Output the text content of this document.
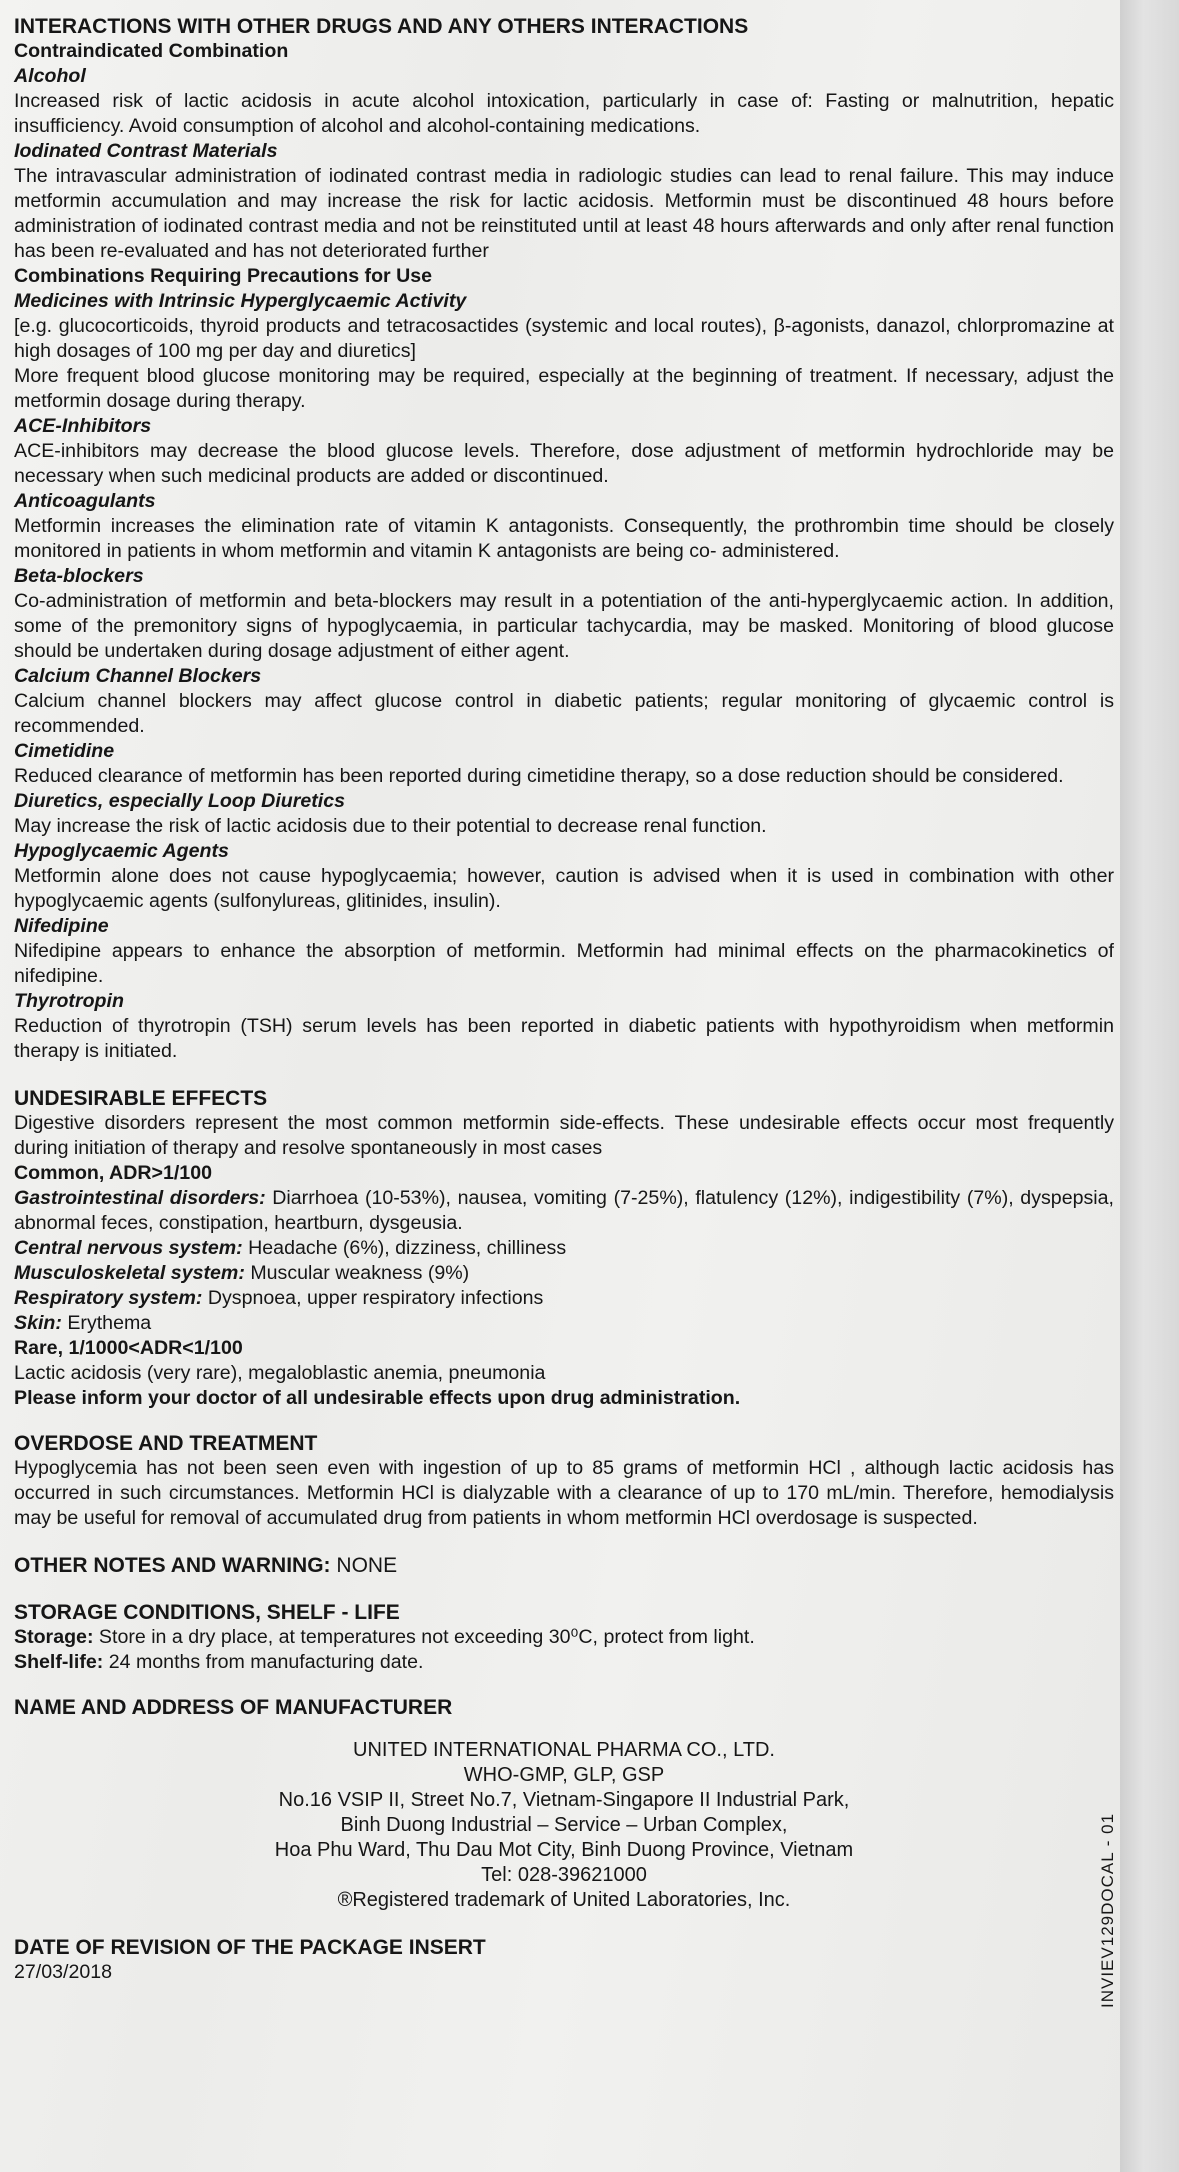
INTERACTIONS WITH OTHER DRUGS AND ANY OTHERS INTERACTIONS

Contraindicated Combination

Alcohol

Increased risk of lactic acidosis in acute alcohol intoxication, particularly in case of: Fasting or malnutrition, hepatic insufficiency. Avoid consumption of alcohol and alcohol-containing medications.

Iodinated Contrast Materials

The intravascular administration of iodinated contrast media in radiologic studies can lead to renal failure. This may induce metformin accumulation and may increase the risk for lactic acidosis. Metformin must be discontinued 48 hours before administration of iodinated contrast media and not be reinstituted until at least 48 hours afterwards and only after renal function has been re-evaluated and has not deteriorated further

Combinations Requiring Precautions for Use

Medicines with Intrinsic Hyperglycaemic Activity

[e.g. glucocorticoids, thyroid products and tetracosactides (systemic and local routes), β-agonists, danazol, chlorpromazine at high dosages of 100 mg per day and diuretics]

More frequent blood glucose monitoring may be required, especially at the beginning of treatment. If necessary, adjust the metformin dosage during therapy.

ACE-Inhibitors

ACE-inhibitors may decrease the blood glucose levels. Therefore, dose adjustment of metformin hydrochloride may be necessary when such medicinal products are added or discontinued.

Anticoagulants

Metformin increases the elimination rate of vitamin K antagonists. Consequently, the prothrombin time should be closely monitored in patients in whom metformin and vitamin K antagonists are being co- administered.

Beta-blockers

Co-administration of metformin and beta-blockers may result in a potentiation of the anti-hyperglycaemic action. In addition, some of the premonitory signs of hypoglycaemia, in particular tachycardia, may be masked. Monitoring of blood glucose should be undertaken during dosage adjustment of either agent.

Calcium Channel Blockers

Calcium channel blockers may affect glucose control in diabetic patients; regular monitoring of glycaemic control is recommended.

Cimetidine

Reduced clearance of metformin has been reported during cimetidine therapy, so a dose reduction should be considered.

Diuretics, especially Loop Diuretics

May increase the risk of lactic acidosis due to their potential to decrease renal function.

Hypoglycaemic Agents

Metformin alone does not cause hypoglycaemia; however, caution is advised when it is used in combination with other hypoglycaemic agents (sulfonylureas, glitinides, insulin).

Nifedipine

Nifedipine appears to enhance the absorption of metformin. Metformin had minimal effects on the pharmacokinetics of nifedipine.

Thyrotropin

Reduction of thyrotropin (TSH) serum levels has been reported in diabetic patients with hypothyroidism when metformin therapy is initiated.

UNDESIRABLE EFFECTS

Digestive disorders represent the most common metformin side-effects. These undesirable effects occur most frequently during initiation of therapy and resolve spontaneously in most cases

Common, ADR>1/100

Gastrointestinal disorders: Diarrhoea (10-53%), nausea, vomiting (7-25%), flatulency (12%), indigestibility (7%), dyspepsia, abnormal feces, constipation, heartburn, dysgeusia.

Central nervous system: Headache (6%), dizziness, chilliness

Musculoskeletal system: Muscular weakness (9%)

Respiratory system: Dyspnoea, upper respiratory infections

Skin: Erythema

Rare, 1/1000<ADR<1/100

Lactic acidosis (very rare), megaloblastic anemia, pneumonia

Please inform your doctor of all undesirable effects upon drug administration.

OVERDOSE AND TREATMENT

Hypoglycemia has not been seen even with ingestion of up to 85 grams of metformin HCl , although lactic acidosis has occurred in such circumstances. Metformin HCl is dialyzable with a clearance of up to 170 mL/min. Therefore, hemodialysis may be useful for removal of accumulated drug from patients in whom metformin HCl overdosage is suspected.

OTHER NOTES AND WARNING: NONE

STORAGE CONDITIONS, SHELF - LIFE

Storage: Store in a dry place, at temperatures not exceeding 30⁰C, protect from light.

Shelf-life: 24 months from manufacturing date.

NAME AND ADDRESS OF MANUFACTURER

UNITED INTERNATIONAL PHARMA CO., LTD.

WHO-GMP, GLP, GSP

No.16 VSIP II, Street No.7, Vietnam-Singapore II Industrial Park,

Binh Duong Industrial – Service – Urban Complex,

Hoa Phu Ward, Thu Dau Mot City, Binh Duong Province, Vietnam

Tel: 028-39621000

®Registered trademark of United Laboratories, Inc.

DATE OF REVISION OF THE PACKAGE INSERT

27/03/2018	INVIEV129DOCAL - 01
